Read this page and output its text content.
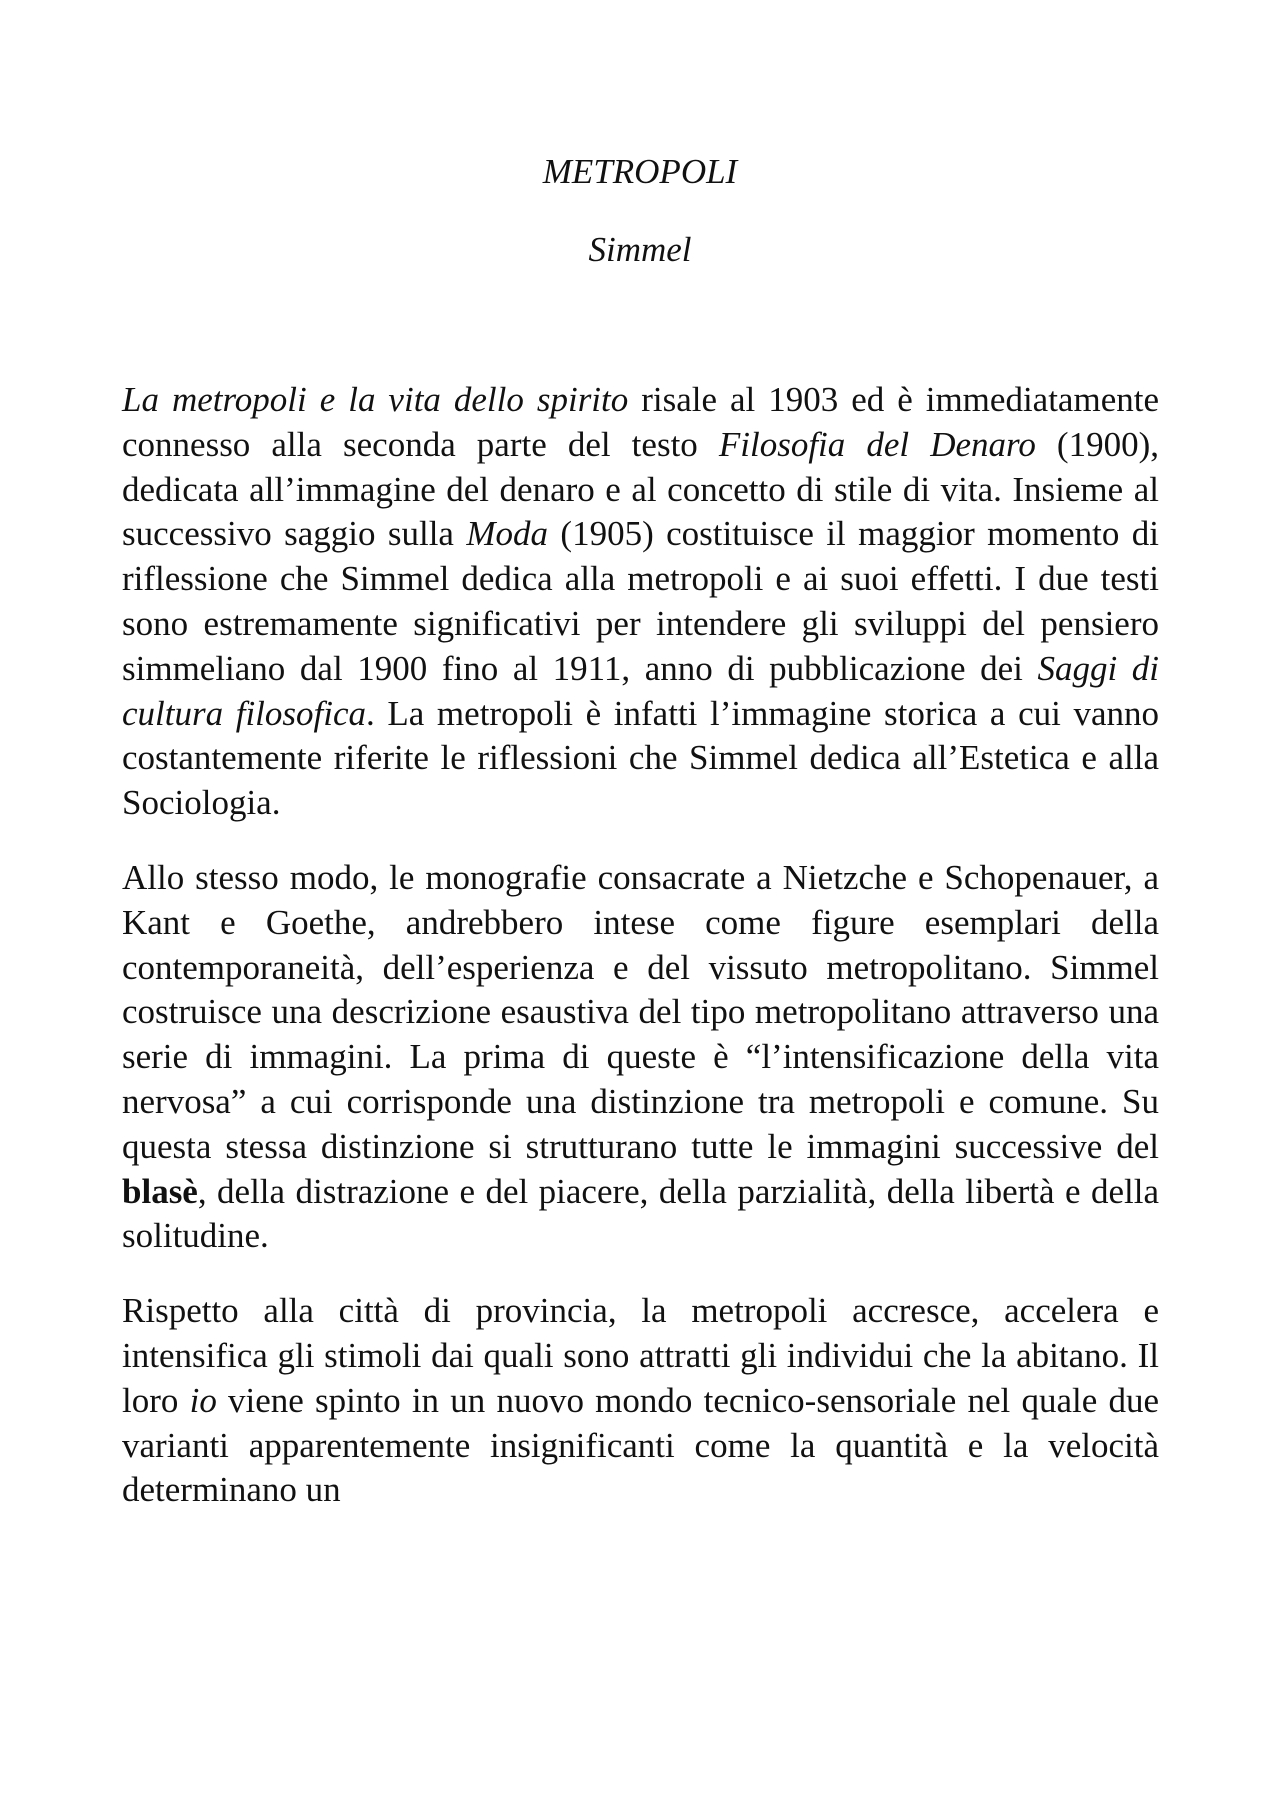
METROPOLI
Simmel

La metropoli e la vita dello spirito risale al 1903 ed è immediatamente connesso alla seconda parte del testo Filosofia del Denaro (1900), dedicata all’immagine del denaro e al concetto di stile di vita. Insieme al successivo saggio sulla Moda (1905) costituisce il maggior momento di riflessione che Simmel dedica alla metropoli e ai suoi effetti. I due testi sono estremamente significativi per intendere gli sviluppi del pensiero simmeliano dal 1900 fino al 1911, anno di pubblicazione dei Saggi di cultura filosofica. La metropoli è infatti l’immagine storica a cui vanno costantemente riferite le riflessioni che Simmel dedica all’Estetica e alla Sociologia.

Allo stesso modo, le monografie consacrate a Nietzche e Schopenauer, a Kant e Goethe, andrebbero intese come figure esemplari della contemporaneità, dell’esperienza e del vissuto metropolitano. Simmel costruisce una descrizione esaustiva del tipo metropolitano attraverso una serie di immagini. La prima di queste è “l’intensificazione della vita nervosa” a cui corrisponde una distinzione tra metropoli e comune. Su questa stessa distinzione si strutturano tutte le immagini successive del blasè, della distrazione e del piacere, della parzialità, della libertà e della solitudine.

Rispetto alla città di provincia, la metropoli accresce, accelera e intensifica gli stimoli dai quali sono attratti gli individui che la abitano. Il loro io viene spinto in un nuovo mondo tecnico-sensoriale nel quale due varianti apparentemente insignificanti come la quantità e la velocità determinano un
